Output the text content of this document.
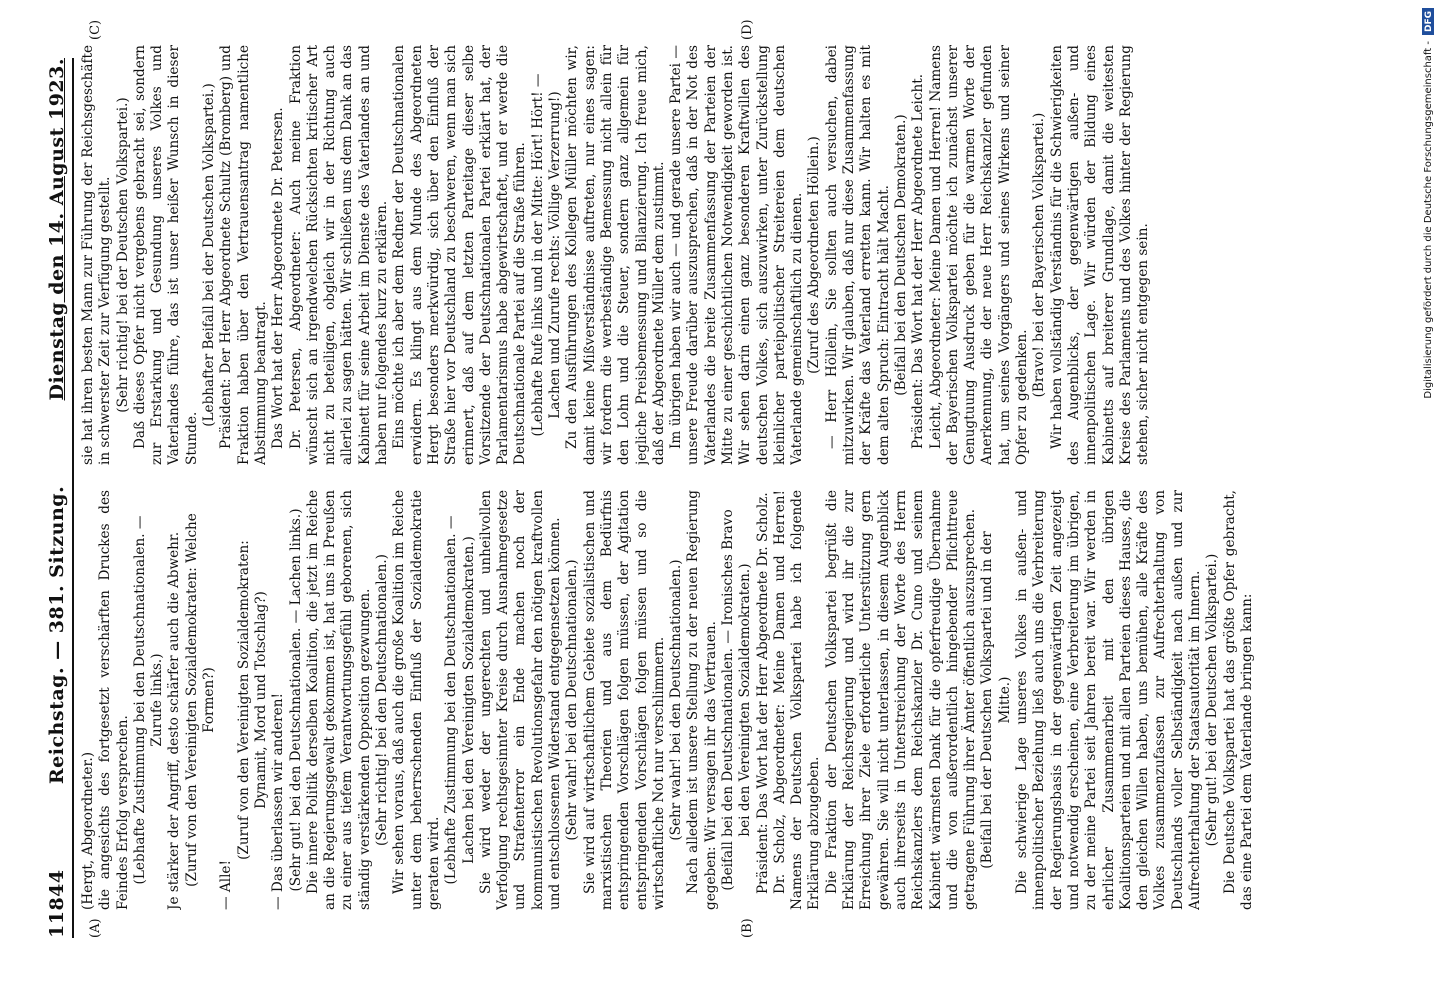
11844
Reichstag. — 381. Sitzung.
Dienstag den 14. August 1923.
(A)	(B)
(C)	(D)

(Hergt, Abgeordneter.) die angesichts des fortgesetzt verschärften Druckes des Feindes Erfolg versprechen. (Lebhafte Zustimmung bei den Deutschnationalen. — Zurufe links.) Je stärker der Angriff, desto schärfer auch die Abwehr. (Zuruf von den Vereinigten Sozialdemokraten: Welche Formen?)

— Alle!

(Zuruf von den Vereinigten Sozialdemokraten: Dynamit, Mord und Totschlag?) — Das überlassen wir anderen! (Sehr gut! bei den Deutschnationalen. — Lachen links.) Die innere Politik derselben Koalition, die jetzt im Reiche an die Regierungsgewalt gekommen ist, hat uns in Preußen zu einer aus tiefem Verantwortungsgefühl geborenen, sich ständig verstärkenden Opposition gezwungen. (Sehr richtig! bei den Deutschnationalen.) Wir sehen voraus, daß auch die große Koalition im Reiche unter dem beherrschenden Einfluß der Sozialdemokratie geraten wird. (Lebhafte Zustimmung bei den Deutschnationalen. — Lachen bei den Vereinigten Sozialdemokraten.) Sie wird weder der ungerechten und unheilvollen Verfolgung rechtsgesinnter Kreise durch Ausnahmegesetze und Strafenterror ein Ende machen noch der kommunistischen Revolutionsgefahr den nötigen kraftvollen und entschlossenen Widerstand entgegensetzen können. (Sehr wahr! bei den Deutschnationalen.) Sie wird auf wirtschaftlichem Gebiete sozialistischen und marxistischen Theorien und aus dem Bedürfnis entspringenden Vorschlägen folgen müssen, der Agitation entspringenden Vorschlägen folgen müssen und so die wirtschaftliche Not nur verschlimmern. (Sehr wahr! bei den Deutschnationalen.) Nach alledem ist unsere Stellung zu der neuen Regierung gegeben: Wir versagen ihr das Vertrauen. (Beifall bei den Deutschnationalen. — Ironisches Bravo bei den Vereinigten Sozialdemokraten.) Präsident: Das Wort hat der Herr Abgeordnete Dr. Scholz. Dr. Scholz, Abgeordneter: Meine Damen und Herren! Namens der Deutschen Volkspartei habe ich folgende Erklärung abzugeben. Die Fraktion der Deutschen Volkspartei begrüßt die Erklärung der Reichsregierung und wird ihr die zur Erreichung ihrer Ziele erforderliche Unterstützung gern gewähren. Sie will nicht unterlassen, in diesem Augenblick auch ihrerseits in Unterstreichung der Worte des Herrn Reichskanzlers dem Reichskanzler Dr. Cuno und seinem Kabinett wärmsten Dank für die opferfreudige Übernahme und die von außerordentlich hingebender Pflichttreue getragene Führung ihrer Ämter öffentlich auszusprechen. (Beifall bei der Deutschen Volkspartei und in der Mitte.) Die schwierige Lage unseres Volkes in außen- und innenpolitischer Beziehung ließ auch uns die Verbreiterung der Regierungsbasis in der gegenwärtigen Zeit angezeigt und notwendig erscheinen, eine Verbreiterung im übrigen, zu der meine Partei seit Jahren bereit war. Wir werden in ehrlicher Zusammenarbeit mit den übrigen Koalitionsparteien und mit allen Parteien dieses Hauses, die den gleichen Willen haben, uns bemühen, alle Kräfte des Volkes zusammenzufassen zur Aufrechterhaltung von Deutschlands voller Selbständigkeit nach außen und zur Aufrechterhaltung der Staatsautorität im Innern. (Sehr gut! bei der Deutschen Volkspartei.) Die Deutsche Volkspartei hat das größte Opfer gebracht, das eine Partei dem Vaterlande bringen kann:

sie hat ihren besten Mann zur Führung der Reichsgeschäfte in schwerster Zeit zur Verfügung gestellt. (Sehr richtig! bei der Deutschen Volkspartei.) Daß dieses Opfer nicht vergebens gebracht sei, sondern zur Erstarkung und Gesundung unseres Volkes und Vaterlandes führe, das ist unser heißer Wunsch in dieser Stunde.

(Lebhafter Beifall bei der Deutschen Volkspartei.) Präsident: Der Herr Abgeordnete Schultz (Bromberg) und Fraktion haben über den Vertrauensantrag namentliche Abstimmung beantragt. Das Wort hat der Herr Abgeordnete Dr. Petersen. Dr. Petersen, Abgeordneter: Auch meine Fraktion wünscht sich an irgendwelchen Rücksichten kritischer Art nicht zu beteiligen, obgleich wir in der Richtung auch allerlei zu sagen hätten. Wir schließen uns dem Dank an das Kabinett für seine Arbeit im Dienste des Vaterlandes an und haben nur folgendes kurz zu erklären. Eins möchte ich aber dem Redner der Deutschnationalen erwidern. Es klingt aus dem Munde des Abgeordneten Hergt besonders merkwürdig, sich über den Einfluß der Straße hier vor Deutschland zu beschweren, wenn man sich erinnert, daß auf dem letzten Parteitage dieser selbe Vorsitzende der Deutschnationalen Partei erklärt hat, der Parlamentarismus habe abgewirtschaftet, und er werde die Deutschnationale Partei auf die Straße führen. (Lebhafte Rufe links und in der Mitte: Hört! Hört! — Lachen und Zurufe rechts: Völlige Verzerrung!) Zu den Ausführungen des Kollegen Müller möchten wir, damit keine Mißverständnisse auftreten, nur eines sagen: wir fordern die werbeständige Bemessung nicht allein für den Lohn und die Steuer, sondern ganz allgemein für jegliche Preisbemessung und Bilanzierung. Ich freue mich, daß der Abgeordnete Müller dem zustimmt. Im übrigen haben wir auch — und gerade unsere Partei — unsere Freude darüber auszusprechen, daß in der Not des Vaterlandes die breite Zusammenfassung der Parteien der Mitte zu einer geschichtlichen Notwendigkeit geworden ist. Wir sehen darin einen ganz besonderen Kraftwillen des deutschen Volkes, sich auszuwirken, unter Zurückstellung kleinlicher parteipolitischer Streitereien dem deutschen Vaterlande gemeinschaftlich zu dienen. (Zuruf des Abgeordneten Höllein.) — Herr Höllein, Sie sollten auch versuchen, dabei mitzuwirken. Wir glauben, daß nur diese Zusammenfassung der Kräfte das Vaterland erretten kann. Wir halten es mit dem alten Spruch: Eintracht hält Macht. (Beifall bei den Deutschen Demokraten.) Präsident: Das Wort hat der Herr Abgeordnete Leicht. Leicht, Abgeordneter: Meine Damen und Herren! Namens der Bayerischen Volkspartei möchte ich zunächst unserer Genugtuung Ausdruck geben für die warmen Worte der Anerkennung, die der neue Herr Reichskanzler gefunden hat, um seines Vorgängers und seines Wirkens und seiner Opfer zu gedenken. (Bravo! bei der Bayerischen Volkspartei.) Wir haben vollständig Verständnis für die Schwierigkeiten des Augenblicks, der gegenwärtigen außen- und innenpolitischen Lage. Wir würden der Bildung eines Kabinetts auf breiterer Grundlage, damit die weitesten Kreise des Parlaments und des Volkes hinter der Regierung stehen, sicher nicht entgegen sein.	Digitalisierung gefördert durch die Deutsche Forschungsgemeinschaft -
DFG
